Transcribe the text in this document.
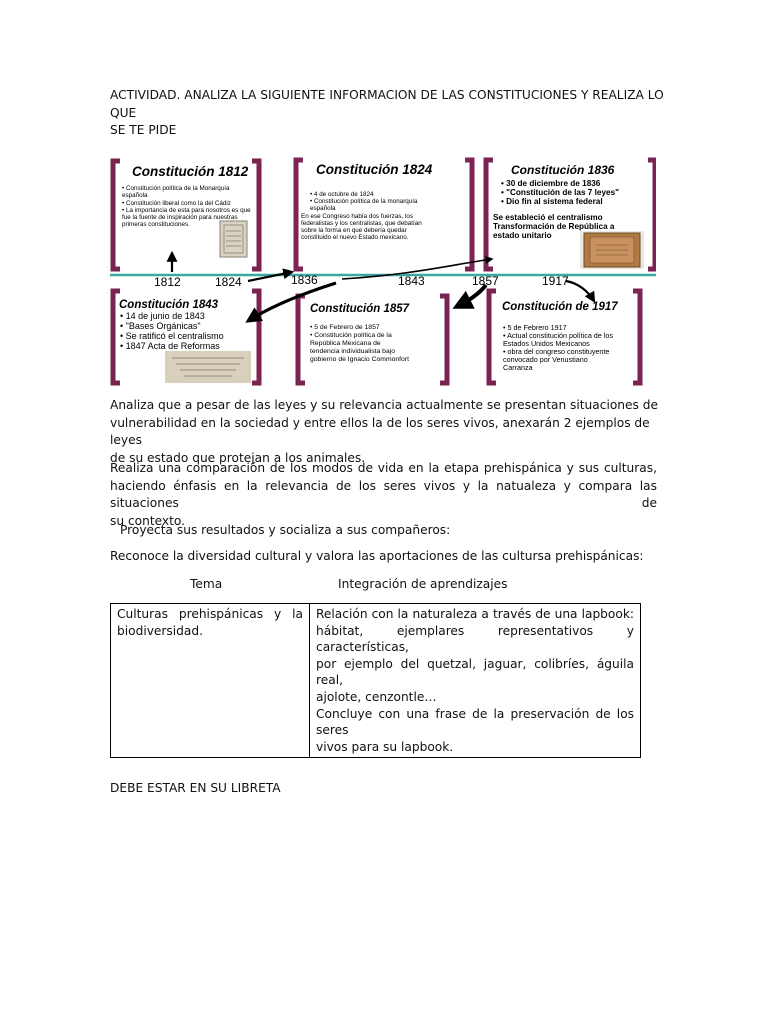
ACTIVIDAD. ANALIZA LA SIGUIENTE INFORMACION DE LAS CONSTITUCIONES Y REALIZA LO QUE
SE TE PIDE
1812	1824	1836	1843	1857	1917
Constitución 1812
• Constitución política de la Monarquía española • Constitución liberal como la del Cádiz • La importancia de esta para nosotros es que fue la fuente de inspiración para nuestras primeras constituciones.
Constitución 1824
• 4 de octubre de 1824 • Constitución política de la monarquía española En ese Congreso había dos fuerzas, los federalistas y los centralistas, que debatían sobre la forma en que debería quedar constituido el nuevo Estado mexicano.
Constitución 1836
• 30 de diciembre de 1836 • "Constitución de las 7 leyes" • Dio fin al sistema federal
Se estableció el centralismo Transformación de República a estado unitario
Constitución 1843
• 14 de junio de 1843 • "Bases Orgánicas" • Se ratificó el centralismo • 1847 Acta de Reformas
Constitución 1857
• 5 de Febrero de 1857 • Constitución política de la República Mexicana de tendencia individualista bajo gobierno de Ignacio Commonfort
Constitución de 1917
• 5 de Febrero 1917 • Actual constitución política de los Estados Unidos Mexicanos • obra del congreso constituyente convocado por Venustiano Carranza
Analiza que a pesar de las leyes y su relevancia actualmente se presentan situaciones de
vulnerabilidad en la sociedad y entre ellos la de los seres vivos, anexarán 2 ejemplos de leyes
de su estado que protejan a los animales.
Realiza una comparación de los modos de vida en la etapa prehispánica y sus culturas,
haciendo énfasis en la relevancia de los seres vivos y la natualeza y compara las situaciones de
su contexto.
Proyecta sus resultados y socializa a sus compañeros:
Reconoce la diversidad cultural y valora las aportaciones de las cultursa prehispánicas:
Tema	Integración de aprendizajes
Culturas prehispánicas y la
biodiversidad.

Relación con la naturaleza a través de una lapbook:
hábitat, ejemplares representativos y características,
por ejemplo del quetzal, jaguar, colibríes, águila real,
ajolote, cenzontle…
Concluye con una frase de la preservación de los seres
vivos para su lapbook.
DEBE ESTAR EN SU LIBRETA
